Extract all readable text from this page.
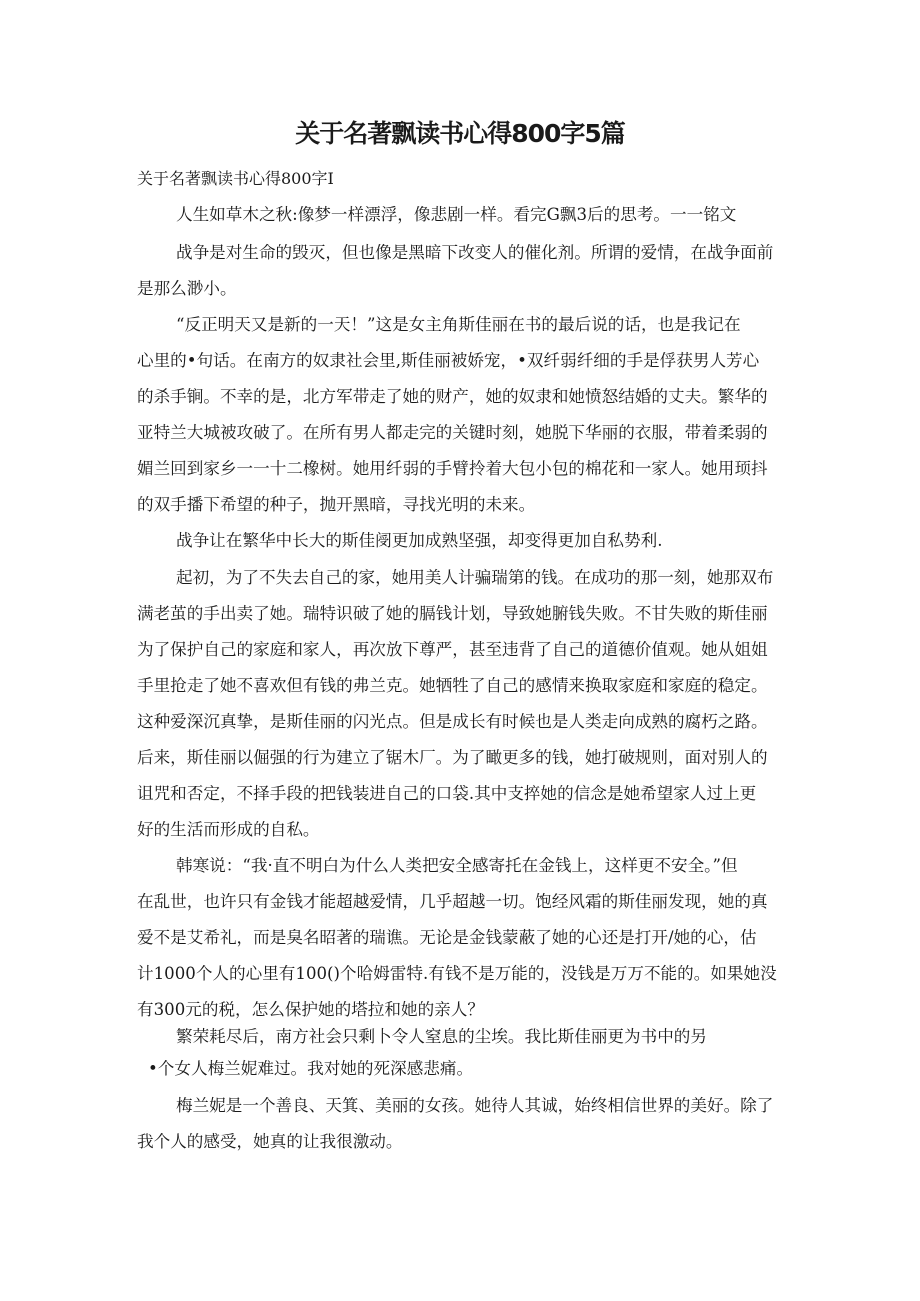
关于名著飘读书心得800字5篇

关于名著飘读书心得800字I

人生如草木之秋:像梦一样漂浮，像悲剧一样。看完G飘3后的思考。一一铭文

战争是对生命的毁灭，但也像是黑暗下改变人的催化剂。所谓的爱情，在战争面前

是那么渺小。

“反正明天又是新的一天！”这是女主角斯佳丽在书的最后说的话，也是我记在

心里的•句话。在南方的奴隶社会里,斯佳丽被娇宠，•双纤弱纤细的手是俘获男人芳心

的杀手锏。不幸的是，北方军带走了她的财产，她的奴隶和她愤怒结婚的丈夫。繁华的

亚特兰大城被攻破了。在所有男人都走完的关键时刻，她脱下华丽的衣服，带着柔弱的

媚兰回到家乡一一十二橡树。她用纤弱的手臂拎着大包小包的棉花和一家人。她用顼抖

的双手播下希望的种子，抛开黑暗，寻找光明的未来。

战争让在繁华中长大的斯佳阌更加成熟坚强，却变得更加自私势利.

起初，为了不失去自己的家，她用美人计骗瑞第的钱。在成功的那一刻，她那双布

满老茧的手出卖了她。瑞特识破了她的膈钱计划，导致她腑钱失败。不甘失败的斯佳丽

为了保护自己的家庭和家人，再次放下尊严，甚至违背了自己的道德价值观。她从姐姐

手里抢走了她不喜欢但有钱的弗兰克。她牺牲了自己的感情来换取家庭和家庭的稳定。

这种爱深沉真挚，是斯佳丽的闪光点。但是成长有时候也是人类走向成熟的腐朽之路。

后来，斯佳丽以倔强的行为建立了锯木厂。为了瞰更多的钱，她打破规则，面对别人的

诅咒和否定，不择手段的把钱装进自己的口袋.其中支捽她的信念是她希望家人过上更

好的生活而形成的自私。

韩寒说：“我·直不明白为什么人类把安全感寄托在金钱上，这样更不安全。”但

在乱世，也许只有金钱才能超越爱情，几乎超越一切。饱经风霜的斯佳丽发现，她的真

爱不是艾希礼，而是臭名昭著的瑞谯。无论是金钱蒙蔽了她的心还是打开/她的心，估

计1000个人的心里有100()个哈姆雷特.有钱不是万能的，没钱是万万不能的。如果她没

有300元的税，怎么保护她的塔拉和她的亲人？

繁荣耗尽后，南方社会只剩卜令人窒息的尘埃。我比斯佳丽更为书中的另

•个女人梅兰妮难过。我对她的死深感悲痛。

梅兰妮是一个善良、天箕、美丽的女孩。她待人其诚，始终相信世界的美好。除了

我个人的感受，她真的让我很激动。
